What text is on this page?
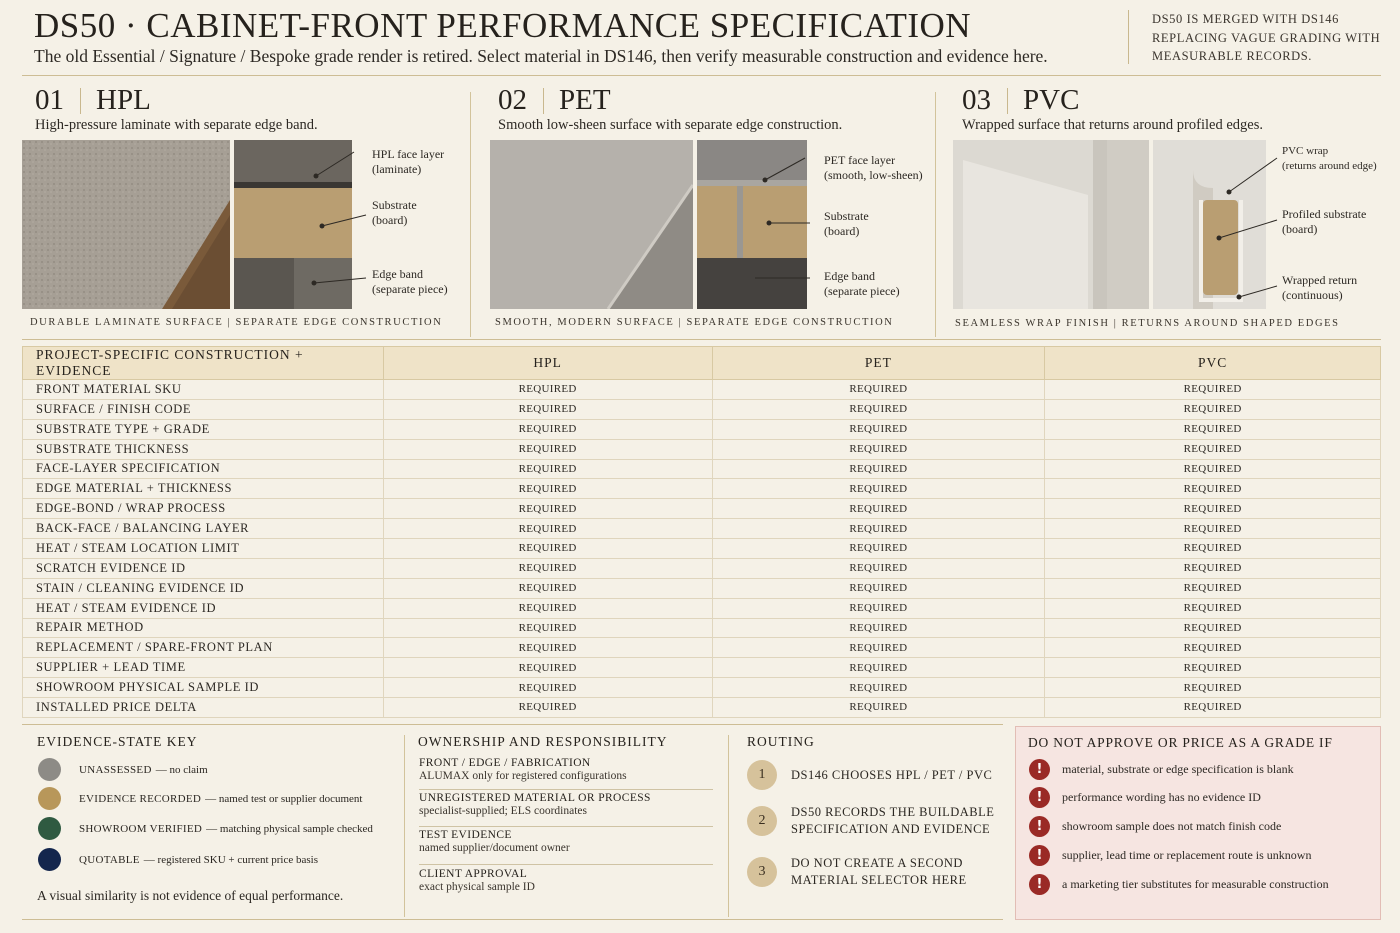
DS50 · CABINET-FRONT PERFORMANCE SPECIFICATION
The old Essential / Signature / Bespoke grade render is retired. Select material in DS146, then verify measurable construction and evidence here.
DS50 IS MERGED WITH DS146 REPLACING VAGUE GRADING WITH MEASURABLE RECORDS.
01 HPL
High-pressure laminate with separate edge band.
HPL face layer
(laminate)
Substrate
(board)
Edge band
(separate piece)
DURABLE LAMINATE SURFACE | SEPARATE EDGE CONSTRUCTION
02 PET
Smooth low-sheen surface with separate edge construction.
PET face layer
(smooth, low-sheen)
Substrate
(board)
Edge band
(separate piece)
SMOOTH, MODERN SURFACE | SEPARATE EDGE CONSTRUCTION
03 PVC
Wrapped surface that returns around profiled edges.
PVC wrap
(returns around edge)
Profiled substrate
(board)
Wrapped return
(continuous)
SEAMLESS WRAP FINISH | RETURNS AROUND SHAPED EDGES
PROJECT-SPECIFIC CONSTRUCTION + EVIDENCE	HPL	PET	PVC
FRONT MATERIAL SKU	REQUIRED	REQUIRED	REQUIRED
SURFACE / FINISH CODE	REQUIRED	REQUIRED	REQUIRED
SUBSTRATE TYPE + GRADE	REQUIRED	REQUIRED	REQUIRED
SUBSTRATE THICKNESS	REQUIRED	REQUIRED	REQUIRED
FACE-LAYER SPECIFICATION	REQUIRED	REQUIRED	REQUIRED
EDGE MATERIAL + THICKNESS	REQUIRED	REQUIRED	REQUIRED
EDGE-BOND / WRAP PROCESS	REQUIRED	REQUIRED	REQUIRED
BACK-FACE / BALANCING LAYER	REQUIRED	REQUIRED	REQUIRED
HEAT / STEAM LOCATION LIMIT	REQUIRED	REQUIRED	REQUIRED
SCRATCH EVIDENCE ID	REQUIRED	REQUIRED	REQUIRED
STAIN / CLEANING EVIDENCE ID	REQUIRED	REQUIRED	REQUIRED
HEAT / STEAM EVIDENCE ID	REQUIRED	REQUIRED	REQUIRED
REPAIR METHOD	REQUIRED	REQUIRED	REQUIRED
REPLACEMENT / SPARE-FRONT PLAN	REQUIRED	REQUIRED	REQUIRED
SUPPLIER + LEAD TIME	REQUIRED	REQUIRED	REQUIRED
SHOWROOM PHYSICAL SAMPLE ID	REQUIRED	REQUIRED	REQUIRED
INSTALLED PRICE DELTA	REQUIRED	REQUIRED	REQUIRED
EVIDENCE-STATE KEY
UNASSESSED — no claim
EVIDENCE RECORDED — named test or supplier document
SHOWROOM VERIFIED — matching physical sample checked
QUOTABLE — registered SKU + current price basis
A visual similarity is not evidence of equal performance.
OWNERSHIP AND RESPONSIBILITY
FRONT / EDGE / FABRICATION
ALUMAX only for registered configurations
UNREGISTERED MATERIAL OR PROCESS
specialist-supplied; ELS coordinates
TEST EVIDENCE
named supplier/document owner
CLIENT APPROVAL
exact physical sample ID
ROUTING
1	DS146 CHOOSES HPL / PET / PVC
2
DS50 RECORDS THE BUILDABLE
SPECIFICATION AND EVIDENCE
3
DO NOT CREATE A SECOND
MATERIAL SELECTOR HERE
DO NOT APPROVE OR PRICE AS A GRADE IF
!	material, substrate or edge specification is blank
!	performance wording has no evidence ID
!	showroom sample does not match finish code
!	supplier, lead time or replacement route is unknown
!	a marketing tier substitutes for measurable construction
